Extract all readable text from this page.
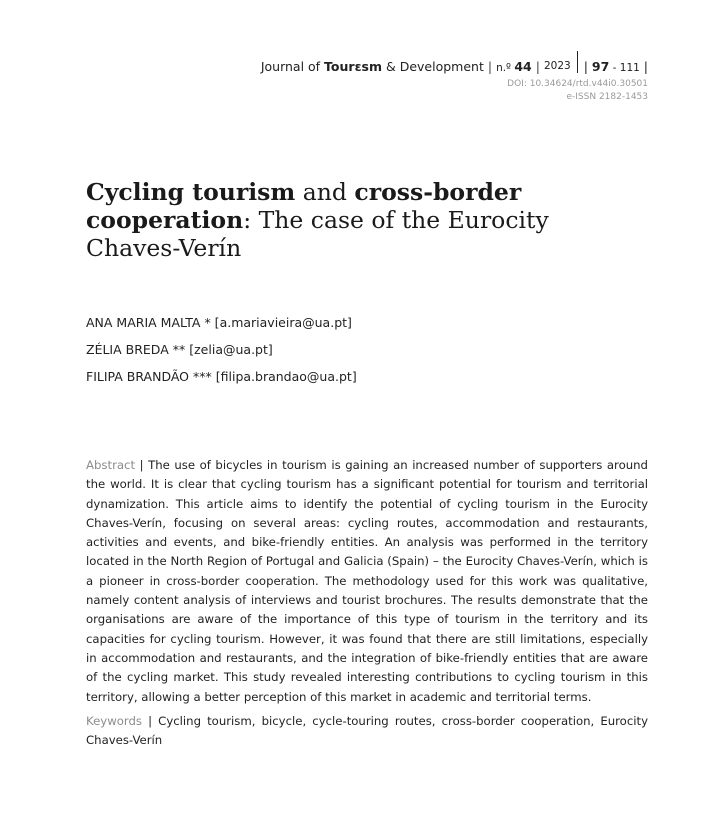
Journal of Tourɛsm & Development | n.º 44 | 2023 | 97 - 111 |
DOI: 10.34624/rtd.v44i0.30501
e-ISSN 2182-1453
Cycling tourism and cross-border cooperation: The case of the Eurocity Chaves-Verín
ANA MARIA MALTA * [a.mariavieira@ua.pt]
ZÉLIA BREDA ** [zelia@ua.pt]
FILIPA BRANDÃO *** [filipa.brandao@ua.pt]
Abstract | The use of bicycles in tourism is gaining an increased number of supporters around the world. It is clear that cycling tourism has a significant potential for tourism and territorial dynamization. This article aims to identify the potential of cycling tourism in the Eurocity Chaves-Verín, focusing on several areas: cycling routes, accommodation and restaurants, activities and events, and bike-friendly entities. An analysis was performed in the territory located in the North Region of Portugal and Galicia (Spain) – the Eurocity Chaves-Verín, which is a pioneer in cross-border cooperation. The methodology used for this work was qualitative, namely content analysis of interviews and tourist brochures. The results demonstrate that the organisations are aware of the importance of this type of tourism in the territory and its capacities for cycling tourism. However, it was found that there are still limitations, especially in accommodation and restaurants, and the integration of bike-friendly entities that are aware of the cycling market. This study revealed interesting contributions to cycling tourism in this territory, allowing a better perception of this market in academic and territorial terms.
Keywords | Cycling tourism, bicycle, cycle-touring routes, cross-border cooperation, Eurocity Chaves-Verín
